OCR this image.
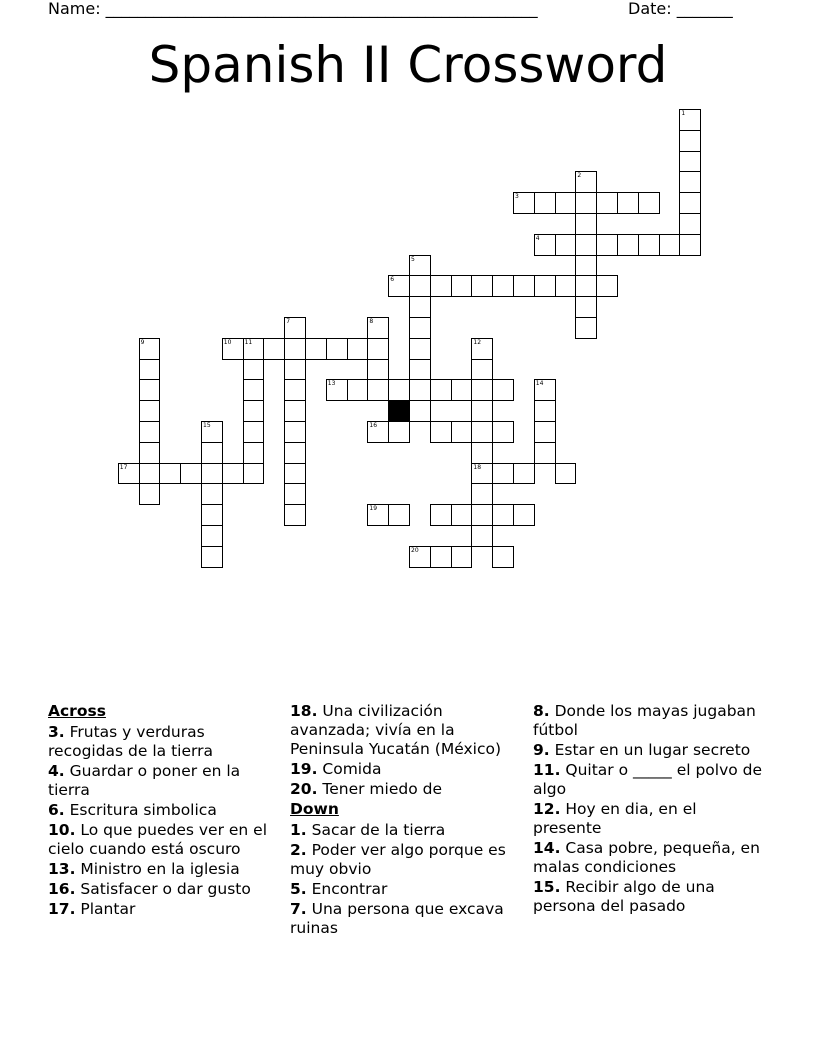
Name: ______________________________________________________	Date: _______
Spanish II Crossword
1
2
3
4
5
6
7	8
9	10 11	12
18
13	14
15	16
17
19
20
Across
3. Frutas y verduras recogidas de la tierra
4. Guardar o poner en la tierra
6. Escritura simbolica
10. Lo que puedes ver en el cielo cuando está oscuro
13. Ministro en la iglesia
16. Satisfacer o dar gusto
17. Plantar
18. Una civilización avanzada; vivía en la Peninsula Yucatán (México)
19. Comida
20. Tener miedo de
Down
1. Sacar de la tierra
2. Poder ver algo porque es muy obvio
5. Encontrar
7. Una persona que excava ruinas
8. Donde los mayas jugaban fútbol
9. Estar en un lugar secreto
11. Quitar o _____ el polvo de algo
12. Hoy en dia, en el presente
14. Casa pobre, pequeña, en malas condiciones
15. Recibir algo de una persona del pasado
